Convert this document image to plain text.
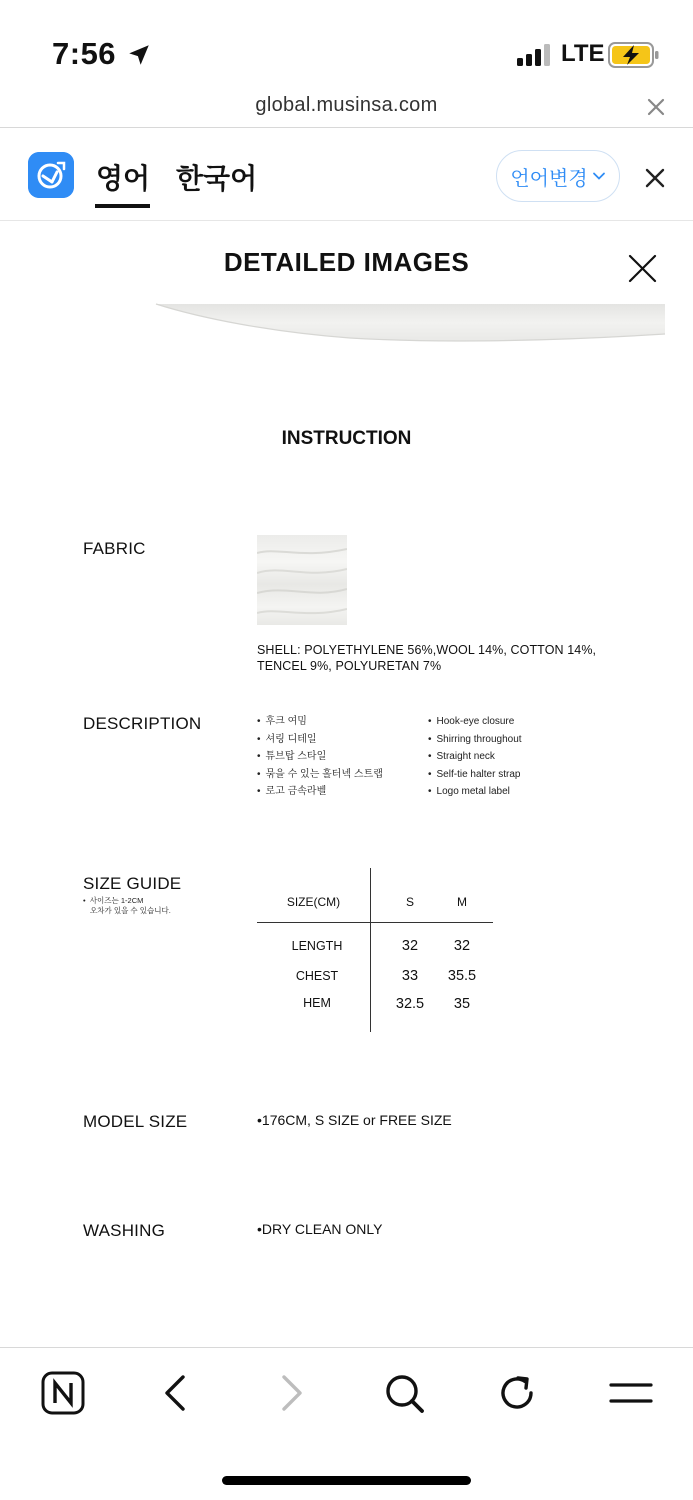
7:56	LTE
global.musinsa.com
영어 한국어	언어변경
DETAILED IMAGES
INSTRUCTION
FABRIC
SHELL: POLYETHYLENE 56%,WOOL 14%, COTTON 14%, TENCEL 9%, POLYURETAN 7%
DESCRIPTION
•	후크 여밈
• 셔링 디테일
• 튜브탑 스타일
• 묶을 수 있는 홀터넥 스트랩
• 로고 금속라벨
• Hook-eye closure
• Shirring throughout
• Straight neck
• Self-tie halter strap
• Logo metal label
SIZE GUIDE
•  사이즈는 1-2CM
오차가 있을 수 있습니다.
SIZE(CM)	S	M
LENGTH	32	32
CHEST	33	35.5
HEM	32.5	35
MODEL SIZE	•176CM, S SIZE or FREE SIZE
WASHING	•DRY CLEAN ONLY
